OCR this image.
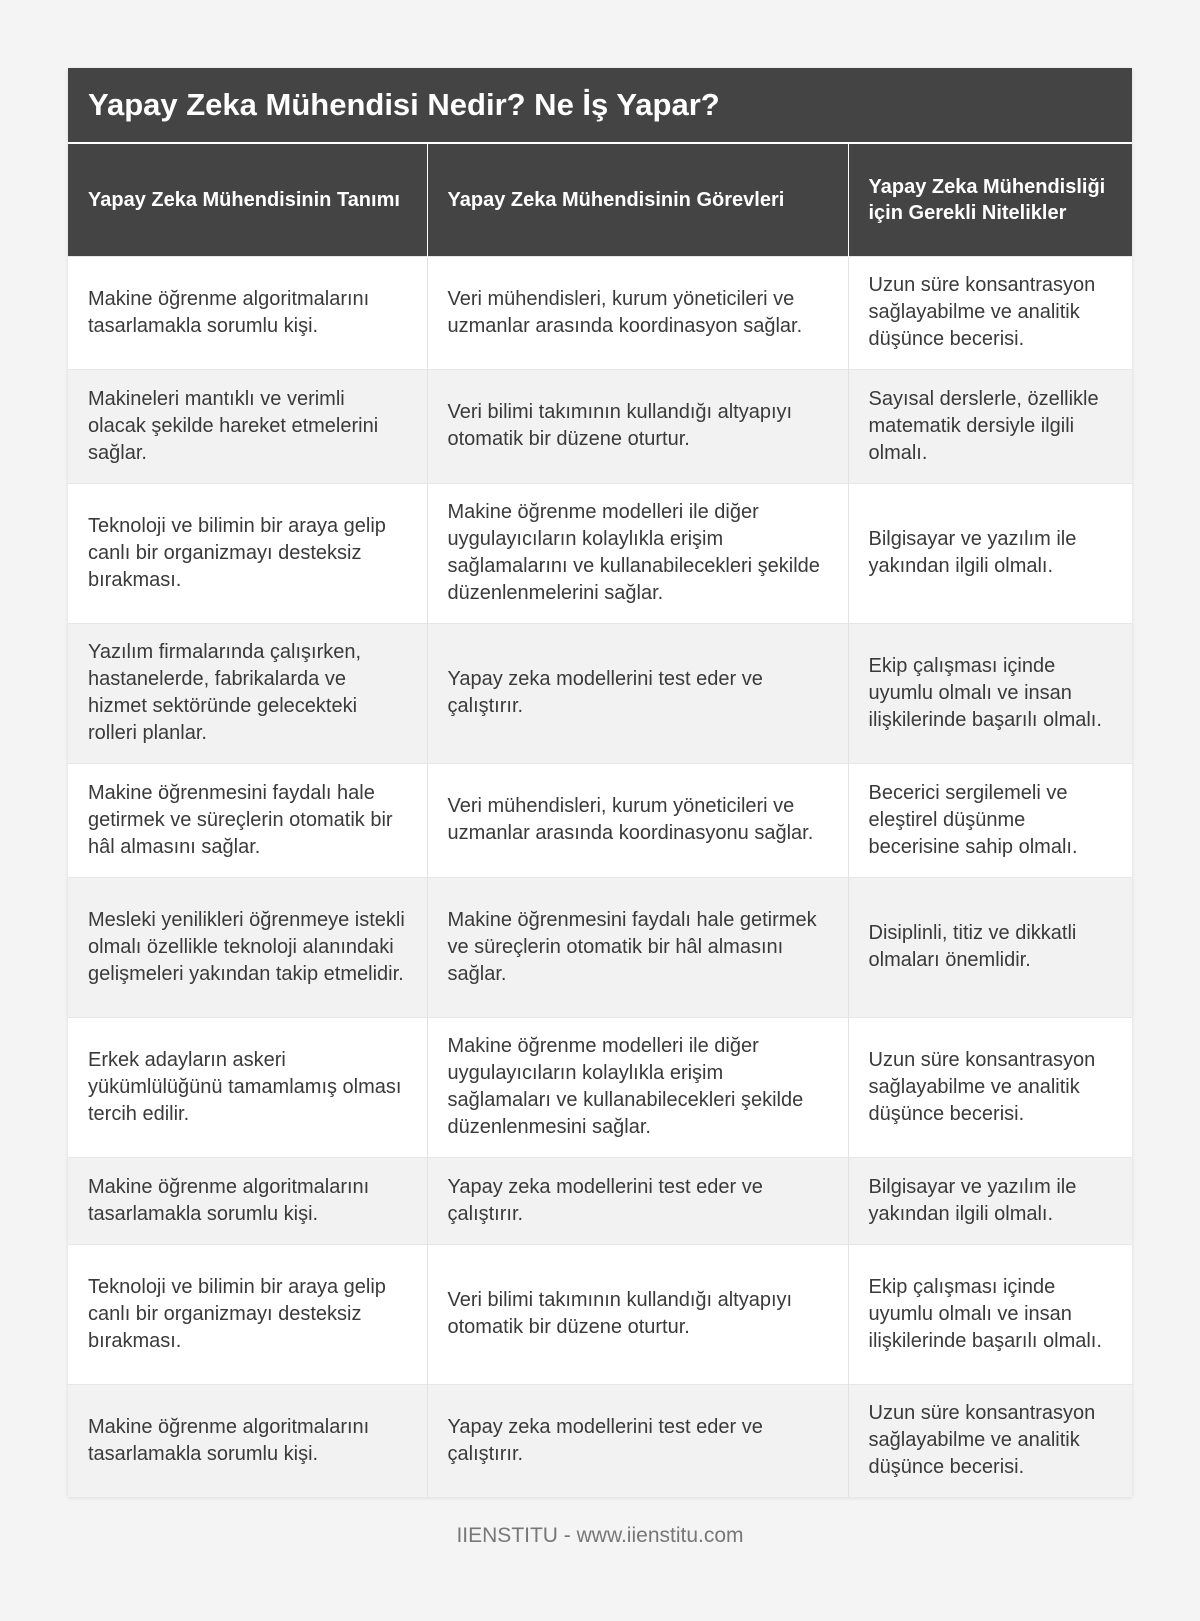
Yapay Zeka Mühendisi Nedir? Ne İş Yapar?
Yapay Zeka Mühendisinin Tanımı	Yapay Zeka Mühendisinin Görevleri	Yapay Zeka Mühendisliği için Gerekli Nitelikler
Makine öğrenme algoritmalarını tasarlamakla sorumlu kişi.	Veri mühendisleri, kurum yöneticileri ve uzmanlar arasında koordinasyon sağlar.	Uzun süre konsantrasyon sağlayabilme ve analitik düşünce becerisi.
Makineleri mantıklı ve verimli olacak şekilde hareket etmelerini sağlar.	Veri bilimi takımının kullandığı altyapıyı otomatik bir düzene oturtur.	Sayısal derslerle, özellikle matematik dersiyle ilgili olmalı.
Teknoloji ve bilimin bir araya gelip canlı bir organizmayı desteksiz bırakması.	Makine öğrenme modelleri ile diğer uygulayıcıların kolaylıkla erişim sağlamalarını ve kullanabilecekleri şekilde düzenlenmelerini sağlar.	Bilgisayar ve yazılım ile yakından ilgili olmalı.
Yazılım firmalarında çalışırken, hastanelerde, fabrikalarda ve hizmet sektöründe gelecekteki rolleri planlar.	Yapay zeka modellerini test eder ve çalıştırır.	Ekip çalışması içinde uyumlu olmalı ve insan ilişkilerinde başarılı olmalı.
Makine öğrenmesini faydalı hale getirmek ve süreçlerin otomatik bir hâl almasını sağlar.	Veri mühendisleri, kurum yöneticileri ve uzmanlar arasında koordinasyonu sağlar.	Becerici sergilemeli ve eleştirel düşünme becerisine sahip olmalı.
Mesleki yenilikleri öğrenmeye istekli olmalı özellikle teknoloji alanındaki gelişmeleri yakından takip etmelidir.	Makine öğrenmesini faydalı hale getirmek ve süreçlerin otomatik bir hâl almasını sağlar.	Disiplinli, titiz ve dikkatli olmaları önemlidir.
Erkek adayların askeri yükümlülüğünü tamamlamış olması tercih edilir.	Makine öğrenme modelleri ile diğer uygulayıcıların kolaylıkla erişim sağlamaları ve kullanabilecekleri şekilde düzenlenmesini sağlar.	Uzun süre konsantrasyon sağlayabilme ve analitik düşünce becerisi.
Makine öğrenme algoritmalarını tasarlamakla sorumlu kişi.	Yapay zeka modellerini test eder ve çalıştırır.	Bilgisayar ve yazılım ile yakından ilgili olmalı.
Teknoloji ve bilimin bir araya gelip canlı bir organizmayı desteksiz bırakması.	Veri bilimi takımının kullandığı altyapıyı otomatik bir düzene oturtur.	Ekip çalışması içinde uyumlu olmalı ve insan ilişkilerinde başarılı olmalı.
Makine öğrenme algoritmalarını tasarlamakla sorumlu kişi.	Yapay zeka modellerini test eder ve çalıştırır.	Uzun süre konsantrasyon sağlayabilme ve analitik düşünce becerisi.
IIENSTITU - www.iienstitu.com
